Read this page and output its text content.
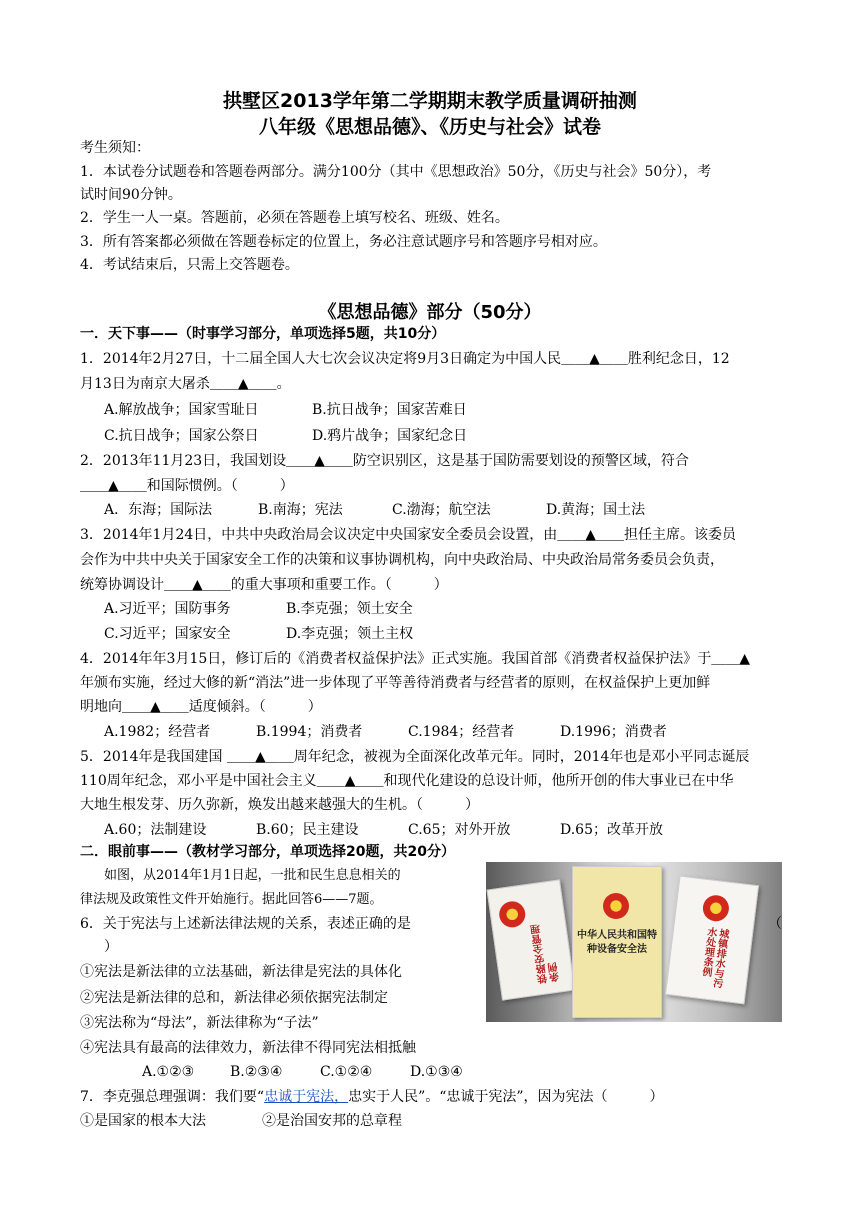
拱墅区2013学年第二学期期末教学质量调研抽测
八年级《思想品德》、《历史与社会》试卷
考生须知：
1．本试卷分试题卷和答题卷两部分。满分100分（其中《思想政治》50分，《历史与社会》50分），考
试时间90分钟。
2．学生一人一桌。答题前，必须在答题卷上填写校名、班级、姓名。
3．所有答案都必须做在答题卷标定的位置上，务必注意试题序号和答题序号相对应。
4．考试结束后，只需上交答题卷。
《思想品德》部分（50分）
一．天下事——（时事学习部分，单项选择5题，共10分）
1．2014年2月27日，十二届全国人大七次会议决定将9月3日确定为中国人民＿＿▲＿＿胜利纪念日，12
月13日为南京大屠杀＿＿▲＿＿。
A.解放战争；国家雪耻日	B.抗日战争；国家苦难日
C.抗日战争；国家公祭日	D.鸦片战争；国家纪念日
2．2013年11月23日，我国划设＿＿▲＿＿防空识别区，这是基于国防需要划设的预警区域，符合
＿＿▲＿＿和国际惯例。（　　　）
A．东海；国际法	B.南海；宪法	C.渤海；航空法	D.黄海；国土法
3．2014年1月24日，中共中央政治局会议决定中央国家安全委员会设置，由＿＿▲＿＿担任主席。该委员
会作为中共中央关于国家安全工作的决策和议事协调机构，向中央政治局、中央政治局常务委员会负责，
统筹协调设计＿＿▲＿＿的重大事项和重要工作。（　　　）
A.习近平；国防事务	B.李克强；领土安全
C.习近平；国家安全	D.李克强；领土主权
4．2014年年3月15日，修订后的《消费者权益保护法》正式实施。我国首部《消费者权益保护法》于＿＿▲
年颁布实施，经过大修的新“消法”进一步体现了平等善待消费者与经营者的原则，在权益保护上更加鲜
明地向＿＿▲＿＿适度倾斜。（　　　）
A.1982；经营者	B.1994；消费者	C.1984；经营者	D.1996；消费者
5．2014年是我国建国 ＿＿▲＿＿周年纪念，被视为全面深化改革元年。同时，2014年也是邓小平同志诞辰
110周年纪念，邓小平是中国社会主义＿＿▲＿＿和现代化建设的总设计师，他所开创的伟大事业已在中华
大地生根发芽、历久弥新，焕发出越来越强大的生机。（　　　）
A.60；法制建设	B.60；民主建设	C.65；对外开放	D.65；改革开放
二．眼前事——（教材学习部分，单项选择20题，共20分）
如图，从2014年1月1日起，一批和民生息息相关的
律法规及政策性文件开始施行。据此回答6——7题。
铁路安全管理条例
中华人民共和国特种设备安全法	城镇排水与污水处理条例
6．关于宪法与上述新法律法规的关系，表述正确的是	（
）
①宪法是新法律的立法基础，新法律是宪法的具体化
②宪法是新法律的总和，新法律必须依据宪法制定
③宪法称为“母法”，新法律称为“子法”
④宪法具有最高的法律效力，新法律不得同宪法相抵触
A.①②③	B.②③④	C.①②④	D.①③④
7．李克强总理强调：我们要“忠诚于宪法，忠实于人民”。“忠诚于宪法”，因为宪法（　　　）
①是国家的根本大法	②是治国安邦的总章程
